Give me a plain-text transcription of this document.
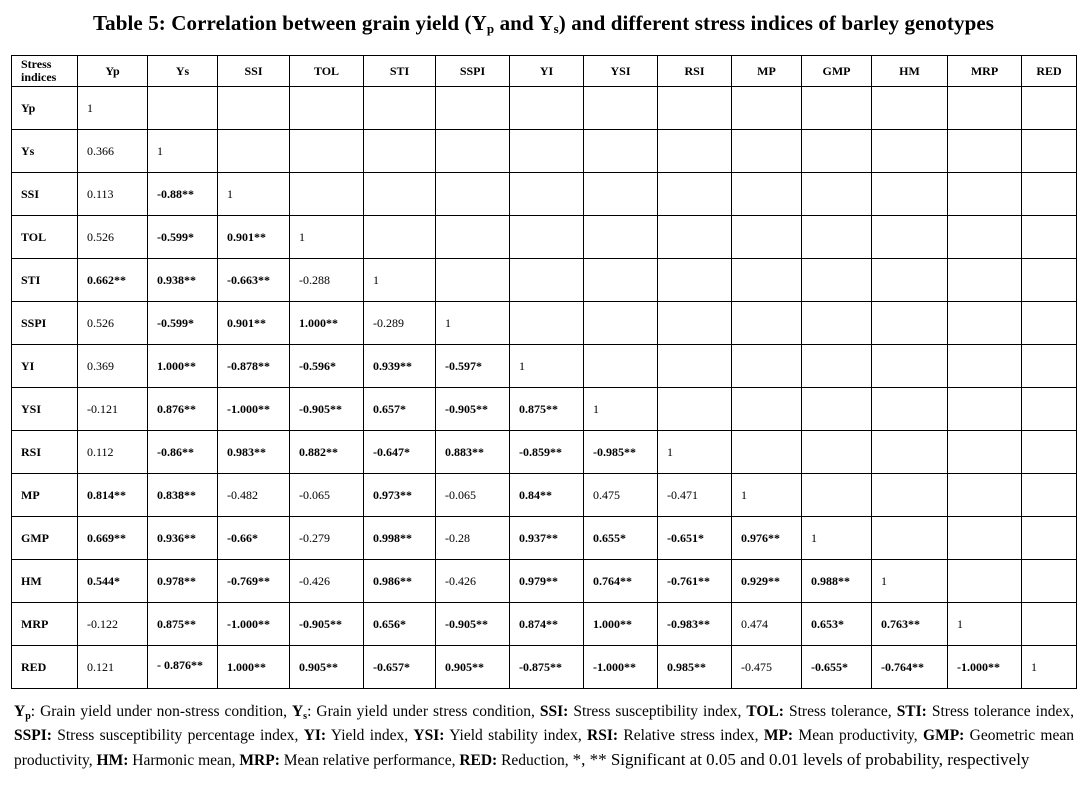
Table 5: Correlation between grain yield ($Y_p$ and $Y_s$) and different stress indices of barley genotypes
Stress indices	Yp	Ys	SSI	TOL	STI	SSPI	YI	YSI	RSI	MP	GMP	HM	MRP	RED
Yp	1													
Ys	0.366	1												
SSI	0.113	-0.88**	1											
TOL	0.526	-0.599*	0.901**	1										
STI	0.662**	0.938**	-0.663**	-0.288	1									
SSPI	0.526	-0.599*	0.901**	1.000**	-0.289	1								
YI	0.369	1.000**	-0.878**	-0.596*	0.939**	-0.597*	1							
YSI	-0.121	0.876**	-1.000**	-0.905**	0.657*	-0.905**	0.875**	1						
RSI	0.112	-0.86**	0.983**	0.882**	-0.647*	0.883**	-0.859**	-0.985**	1					
MP	0.814**	0.838**	-0.482	-0.065	0.973**	-0.065	0.84**	0.475	-0.471	1				
GMP	0.669**	0.936**	-0.66*	-0.279	0.998**	-0.28	0.937**	0.655*	-0.651*	0.976**	1			
HM	0.544*	0.978**	-0.769**	-0.426	0.986**	-0.426	0.979**	0.764**	-0.761**	0.929**	0.988**	1		
MRP	-0.122	0.875**	-1.000**	-0.905**	0.656*	-0.905**	0.874**	1.000**	-0.983**	0.474	0.653*	0.763**	1	
RED	0.121	- 0.876**	1.000**	0.905**	-0.657*	0.905**	-0.875**	-1.000**	0.985**	-0.475	-0.655*	-0.764**	-1.000**	1
$Y_p$: Grain yield under non-stress condition, $Y_s$: Grain yield under stress condition, SSI: Stress susceptibility index, TOL: Stress tolerance, STI: Stress tolerance index, SSPI: Stress susceptibility percentage index, YI: Yield index, YSI: Yield stability index, RSI: Relative stress index, MP: Mean productivity, GMP: Geometric mean productivity, HM: Harmonic mean, MRP: Mean relative performance, RED: Reduction, *, ** Significant at 0.05 and 0.01 levels of probability, respectively
